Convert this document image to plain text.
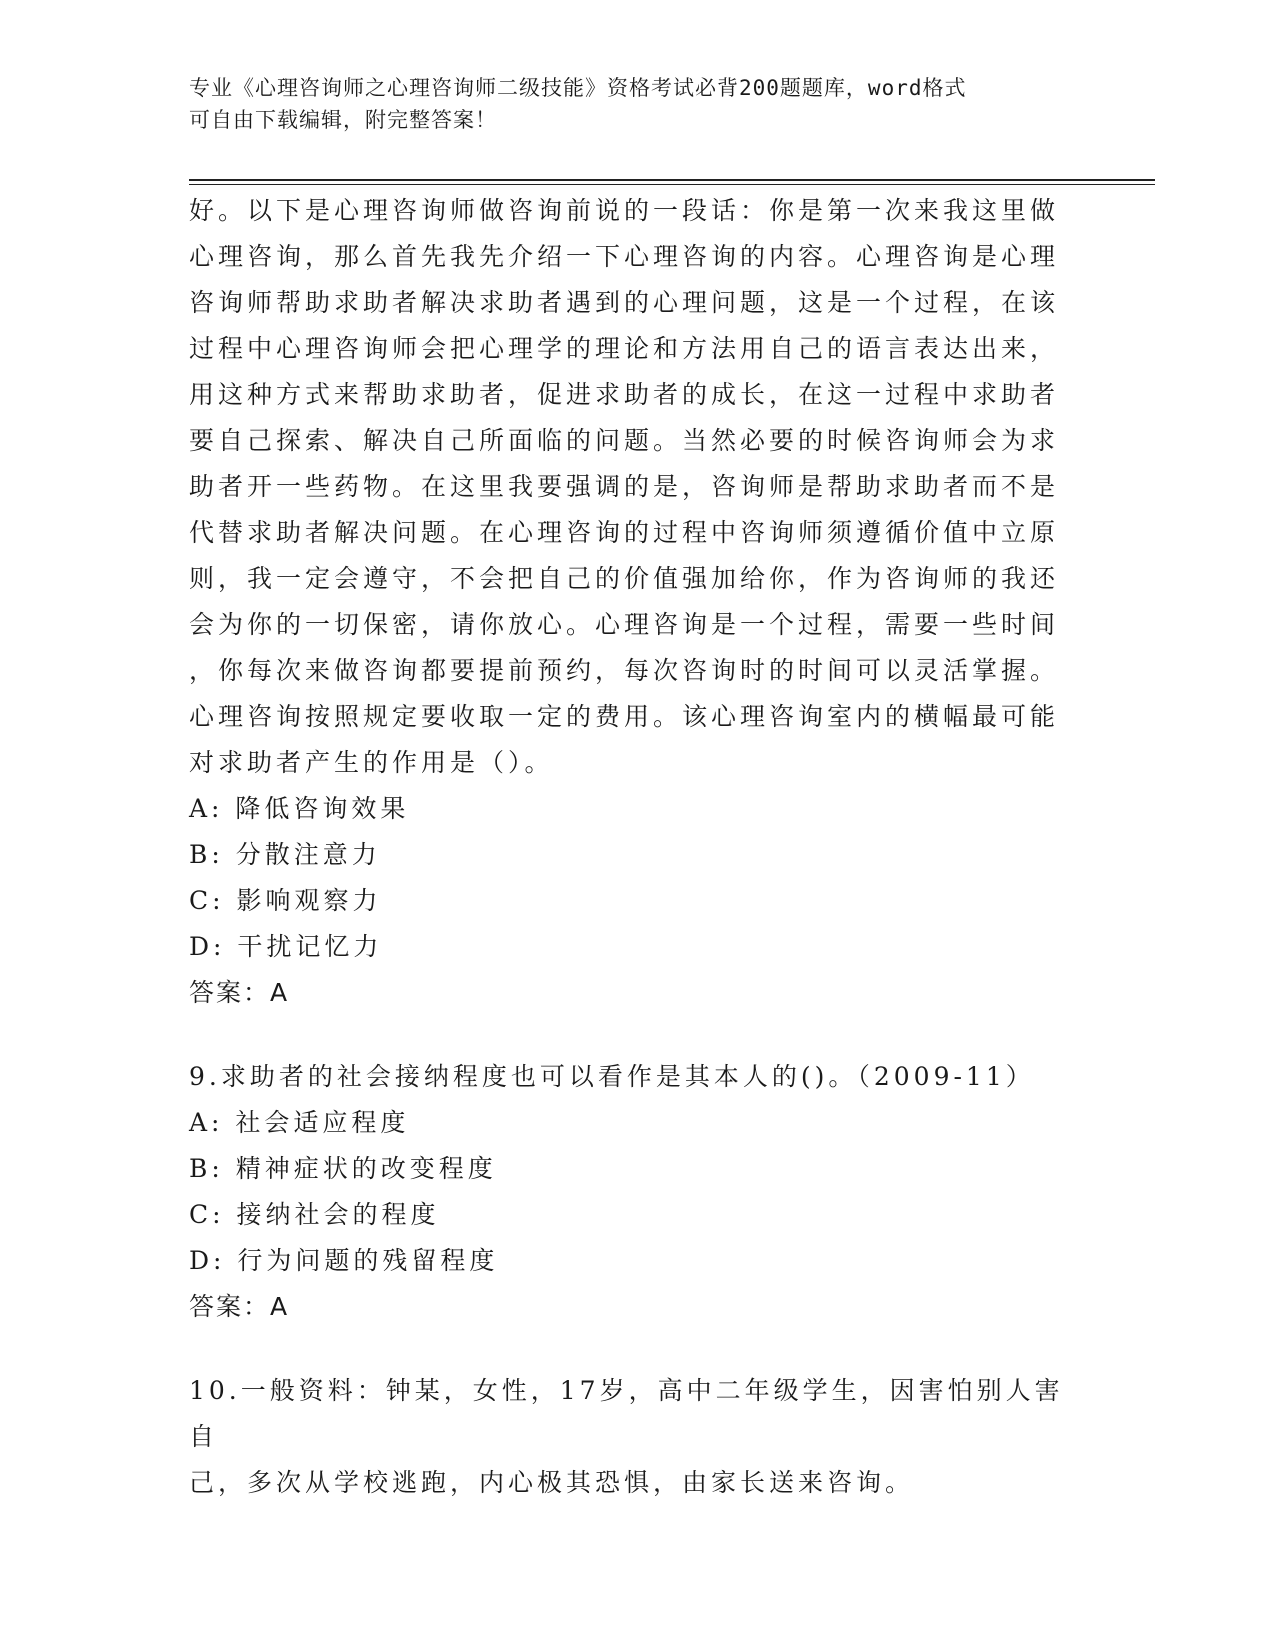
专业《心理咨询师之心理咨询师二级技能》资格考试必背200题题库，word格式
可自由下载编辑，附完整答案！

好。以下是心理咨询师做咨询前说的一段话：你是第一次来我这里做

心理咨询，那么首先我先介绍一下心理咨询的内容。心理咨询是心理

咨询师帮助求助者解决求助者遇到的心理问题，这是一个过程，在该

过程中心理咨询师会把心理学的理论和方法用自己的语言表达出来，

用这种方式来帮助求助者，促进求助者的成长，在这一过程中求助者

要自己探索、解决自己所面临的问题。当然必要的时候咨询师会为求

助者开一些药物。在这里我要强调的是，咨询师是帮助求助者而不是

代替求助者解决问题。在心理咨询的过程中咨询师须遵循价值中立原

则，我一定会遵守，不会把自己的价值强加给你，作为咨询师的我还

会为你的一切保密，请你放心。心理咨询是一个过程，需要一些时间

，你每次来做咨询都要提前预约，每次咨询时的时间可以灵活掌握。

心理咨询按照规定要收取一定的费用。该心理咨询室内的横幅最可能

对求助者产生的作用是（）。

A: 降低咨询效果

B: 分散注意力

C: 影响观察力

D: 干扰记忆力

答案：A

9.求助者的社会接纳程度也可以看作是其本人的()。（2009-11）

A: 社会适应程度

B: 精神症状的改变程度

C: 接纳社会的程度

D: 行为问题的残留程度

答案：A

10.一般资料：钟某，女性，17岁，高中二年级学生，因害怕别人害自

己，多次从学校逃跑，内心极其恐惧，由家长送来咨询。
